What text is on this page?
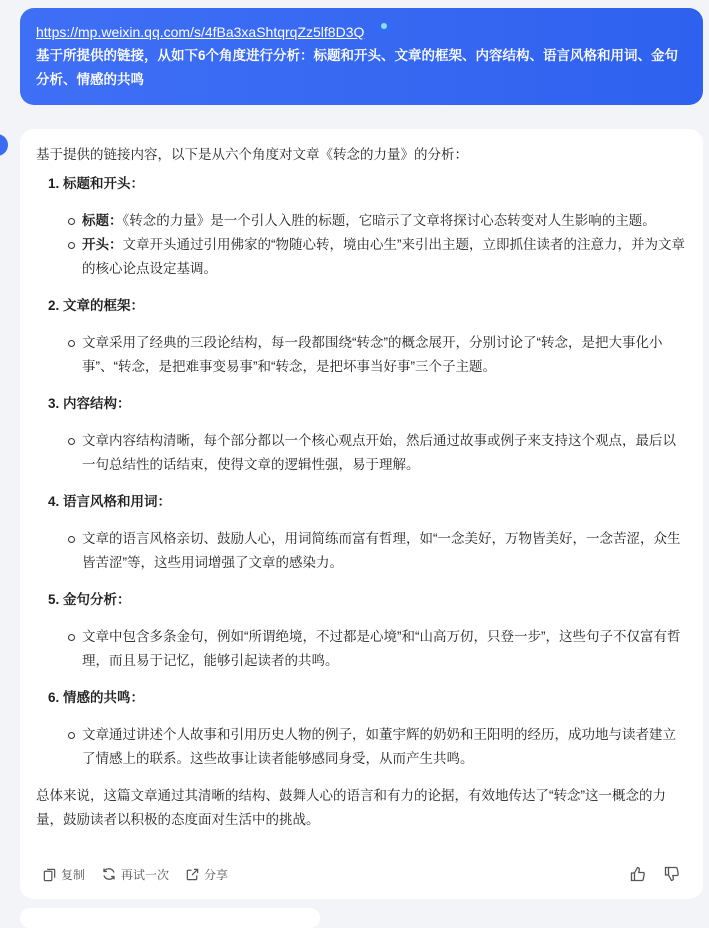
https://mp.weixin.qq.com/s/4fBa3xaShtqrqZz5lf8D3Q
基于所提供的链接，从如下6个角度进行分析：标题和开头、文章的框架、内容结构、语言风格和用词、金句分析、情感的共鸣
基于提供的链接内容，以下是从六个角度对文章《转念的力量》的分析：
1. 标题和开头：
标题：《转念的力量》是一个引人入胜的标题，它暗示了文章将探讨心态转变对人生影响的主题。
开头：文章开头通过引用佛家的“物随心转，境由心生”来引出主题，立即抓住读者的注意力，并为文章的核心论点设定基调。
2. 文章的框架：
文章采用了经典的三段论结构，每一段都围绕“转念”的概念展开，分别讨论了“转念，是把大事化小事”、“转念，是把难事变易事”和“转念，是把坏事当好事”三个子主题。
3. 内容结构：
文章内容结构清晰，每个部分都以一个核心观点开始，然后通过故事或例子来支持这个观点，最后以一句总结性的话结束，使得文章的逻辑性强，易于理解。
4. 语言风格和用词：
文章的语言风格亲切、鼓励人心，用词简练而富有哲理，如“一念美好，万物皆美好，一念苦涩，众生皆苦涩”等，这些用词增强了文章的感染力。
5. 金句分析：
文章中包含多条金句，例如“所谓绝境，不过都是心境”和“山高万仞，只登一步”，这些句子不仅富有哲理，而且易于记忆，能够引起读者的共鸣。
6. 情感的共鸣：
文章通过讲述个人故事和引用历史人物的例子，如董宇辉的奶奶和王阳明的经历，成功地与读者建立了情感上的联系。这些故事让读者能够感同身受，从而产生共鸣。
总体来说，这篇文章通过其清晰的结构、鼓舞人心的语言和有力的论据，有效地传达了“转念”这一概念的力量，鼓励读者以积极的态度面对生活中的挑战。
复制	再试一次	分享
